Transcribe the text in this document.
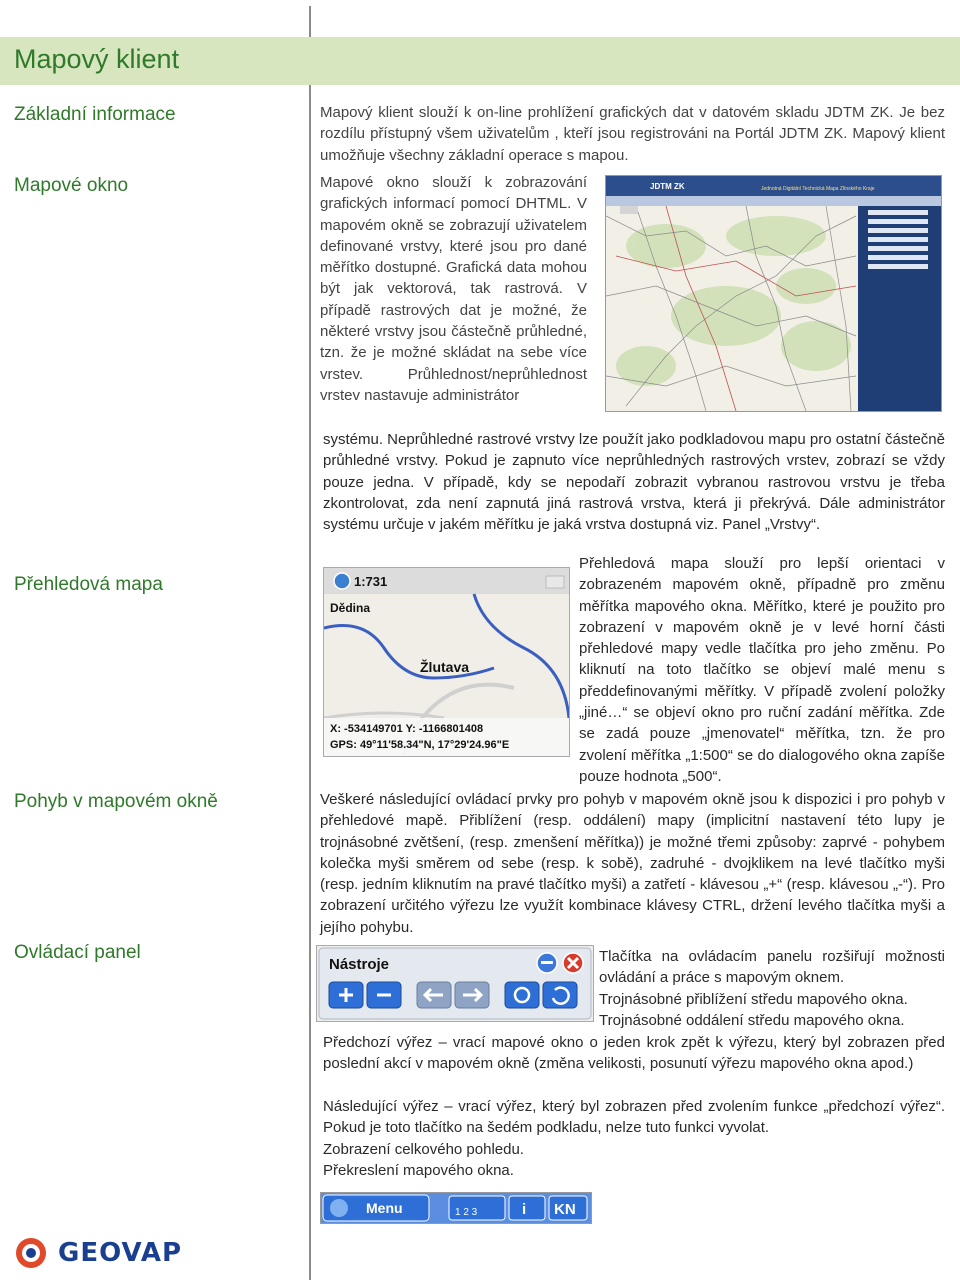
Mapový klient
Základní informace
Mapové okno
Přehledová mapa
Pohyb v mapovém okně
Ovládací panel
Mapový klient slouží k on-line prohlížení grafických dat v datovém skladu JDTM ZK. Je bez rozdílu přístupný všem uživatelům , kteří jsou registrováni na Portál JDTM ZK. Mapový klient umožňuje všechny základní operace s mapou.
Mapové okno slouží k zobrazování grafických informací pomocí DHTML. V mapovém okně se zobrazují uživatelem definované vrstvy, které jsou pro dané měřítko dostupné. Grafická data mohou být jak vektorová, tak rastrová. V případě rastrových dat je možné, že některé vrstvy jsou částečně průhledné, tzn. že je možné skládat na sebe více vrstev. Průhlednost/neprůhlednost vrstev nastavuje administrátor
JDTM ZK	Jednotná Digitální Technická Mapa Zlínského Kraje
systému. Neprůhledné rastrové vrstvy lze použít jako podkladovou mapu pro ostatní částečně průhledné vrstvy. Pokud je zapnuto více neprůhledných rastrových vrstev, zobrazí se vždy pouze jedna. V případě, kdy se nepodaří zobrazit vybranou rastrovou vrstvu je třeba zkontrolovat, zda není zapnutá jiná rastrová vrstva, která ji překrývá. Dále administrátor systému určuje v jakém měřítku je jaká vrstva dostupná viz. Panel „Vrstvy“.
1:731
Dědina
Žlutava
X: -534149701 Y: -1166801408
GPS: 49°11'58.34"N, 17°29'24.96"E
Přehledová mapa slouží pro lepší orientaci v zobrazeném mapovém okně, případně pro změnu měřítka mapového okna. Měřítko, které je použito pro zobrazení v mapovém okně je v levé horní části přehledové mapy vedle tlačítka pro jeho změnu. Po kliknutí na toto tlačítko se objeví malé menu s předdefinovanými měřítky. V případě zvolení položky „jiné…“ se objeví okno pro ruční zadání měřítka. Zde se zadá pouze „jmenovatel“ měřítka, tzn. že pro zvolení měřítka „1:500“ se do dialogového okna zapíše pouze hodnota „500“.
Veškeré následující ovládací prvky pro pohyb v mapovém okně jsou k dispozici i pro pohyb v přehledové mapě. Přiblížení (resp. oddálení) mapy (implicitní nastavení této lupy je trojnásobné zvětšení, (resp. zmenšení měřítka)) je možné třemi způsoby: zaprvé - pohybem kolečka myši směrem od sebe (resp. k sobě), zadruhé - dvojklikem na levé tlačítko myši (resp. jedním kliknutím na pravé tlačítko myši) a zatřetí - klávesou „+“ (resp. klávesou „-“). Pro zobrazení určitého výřezu lze využít kombinace klávesy CTRL, držení levého tlačítka myši a jejího pohybu.
Nástroje	Tlačítka na ovládacím panelu rozšiřují možnosti ovládání a práce s mapovým oknem.
Trojnásobné přiblížení středu mapového okna.
Trojnásobné oddálení středu mapového okna.
Předchozí výřez – vrací mapové okno o jeden krok zpět k výřezu, který byl zobrazen před poslední akcí v mapovém okně (změna velikosti, posunutí výřezu mapového okna apod.)
Následující výřez – vrací výřez, který byl zobrazen před zvolením funkce „předchozí výřez“. Pokud je toto tlačítko na šedém podkladu, nelze tuto funkci vyvolat.
Zobrazení celkového pohledu.
Překreslení mapového okna.
Menu	1 2 3	i KN
GEOVAP
